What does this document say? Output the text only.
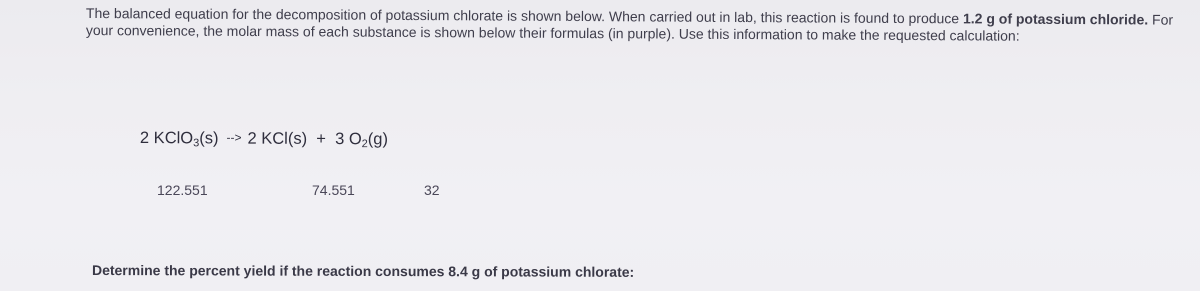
The balanced equation for the decomposition of potassium chlorate is shown below. When carried out in lab, this reaction is found to produce 1.2 g of potassium chloride. For your convenience, the molar mass of each substance is shown below their formulas (in purple). Use this information to make the requested calculation:

2 KClO$_3$(s) --> 2 KCl(s) + 3 $O_2(g)$
122.551	74.551	32
Determine the percent yield if the reaction consumes 8.4 g of potassium chlorate:
